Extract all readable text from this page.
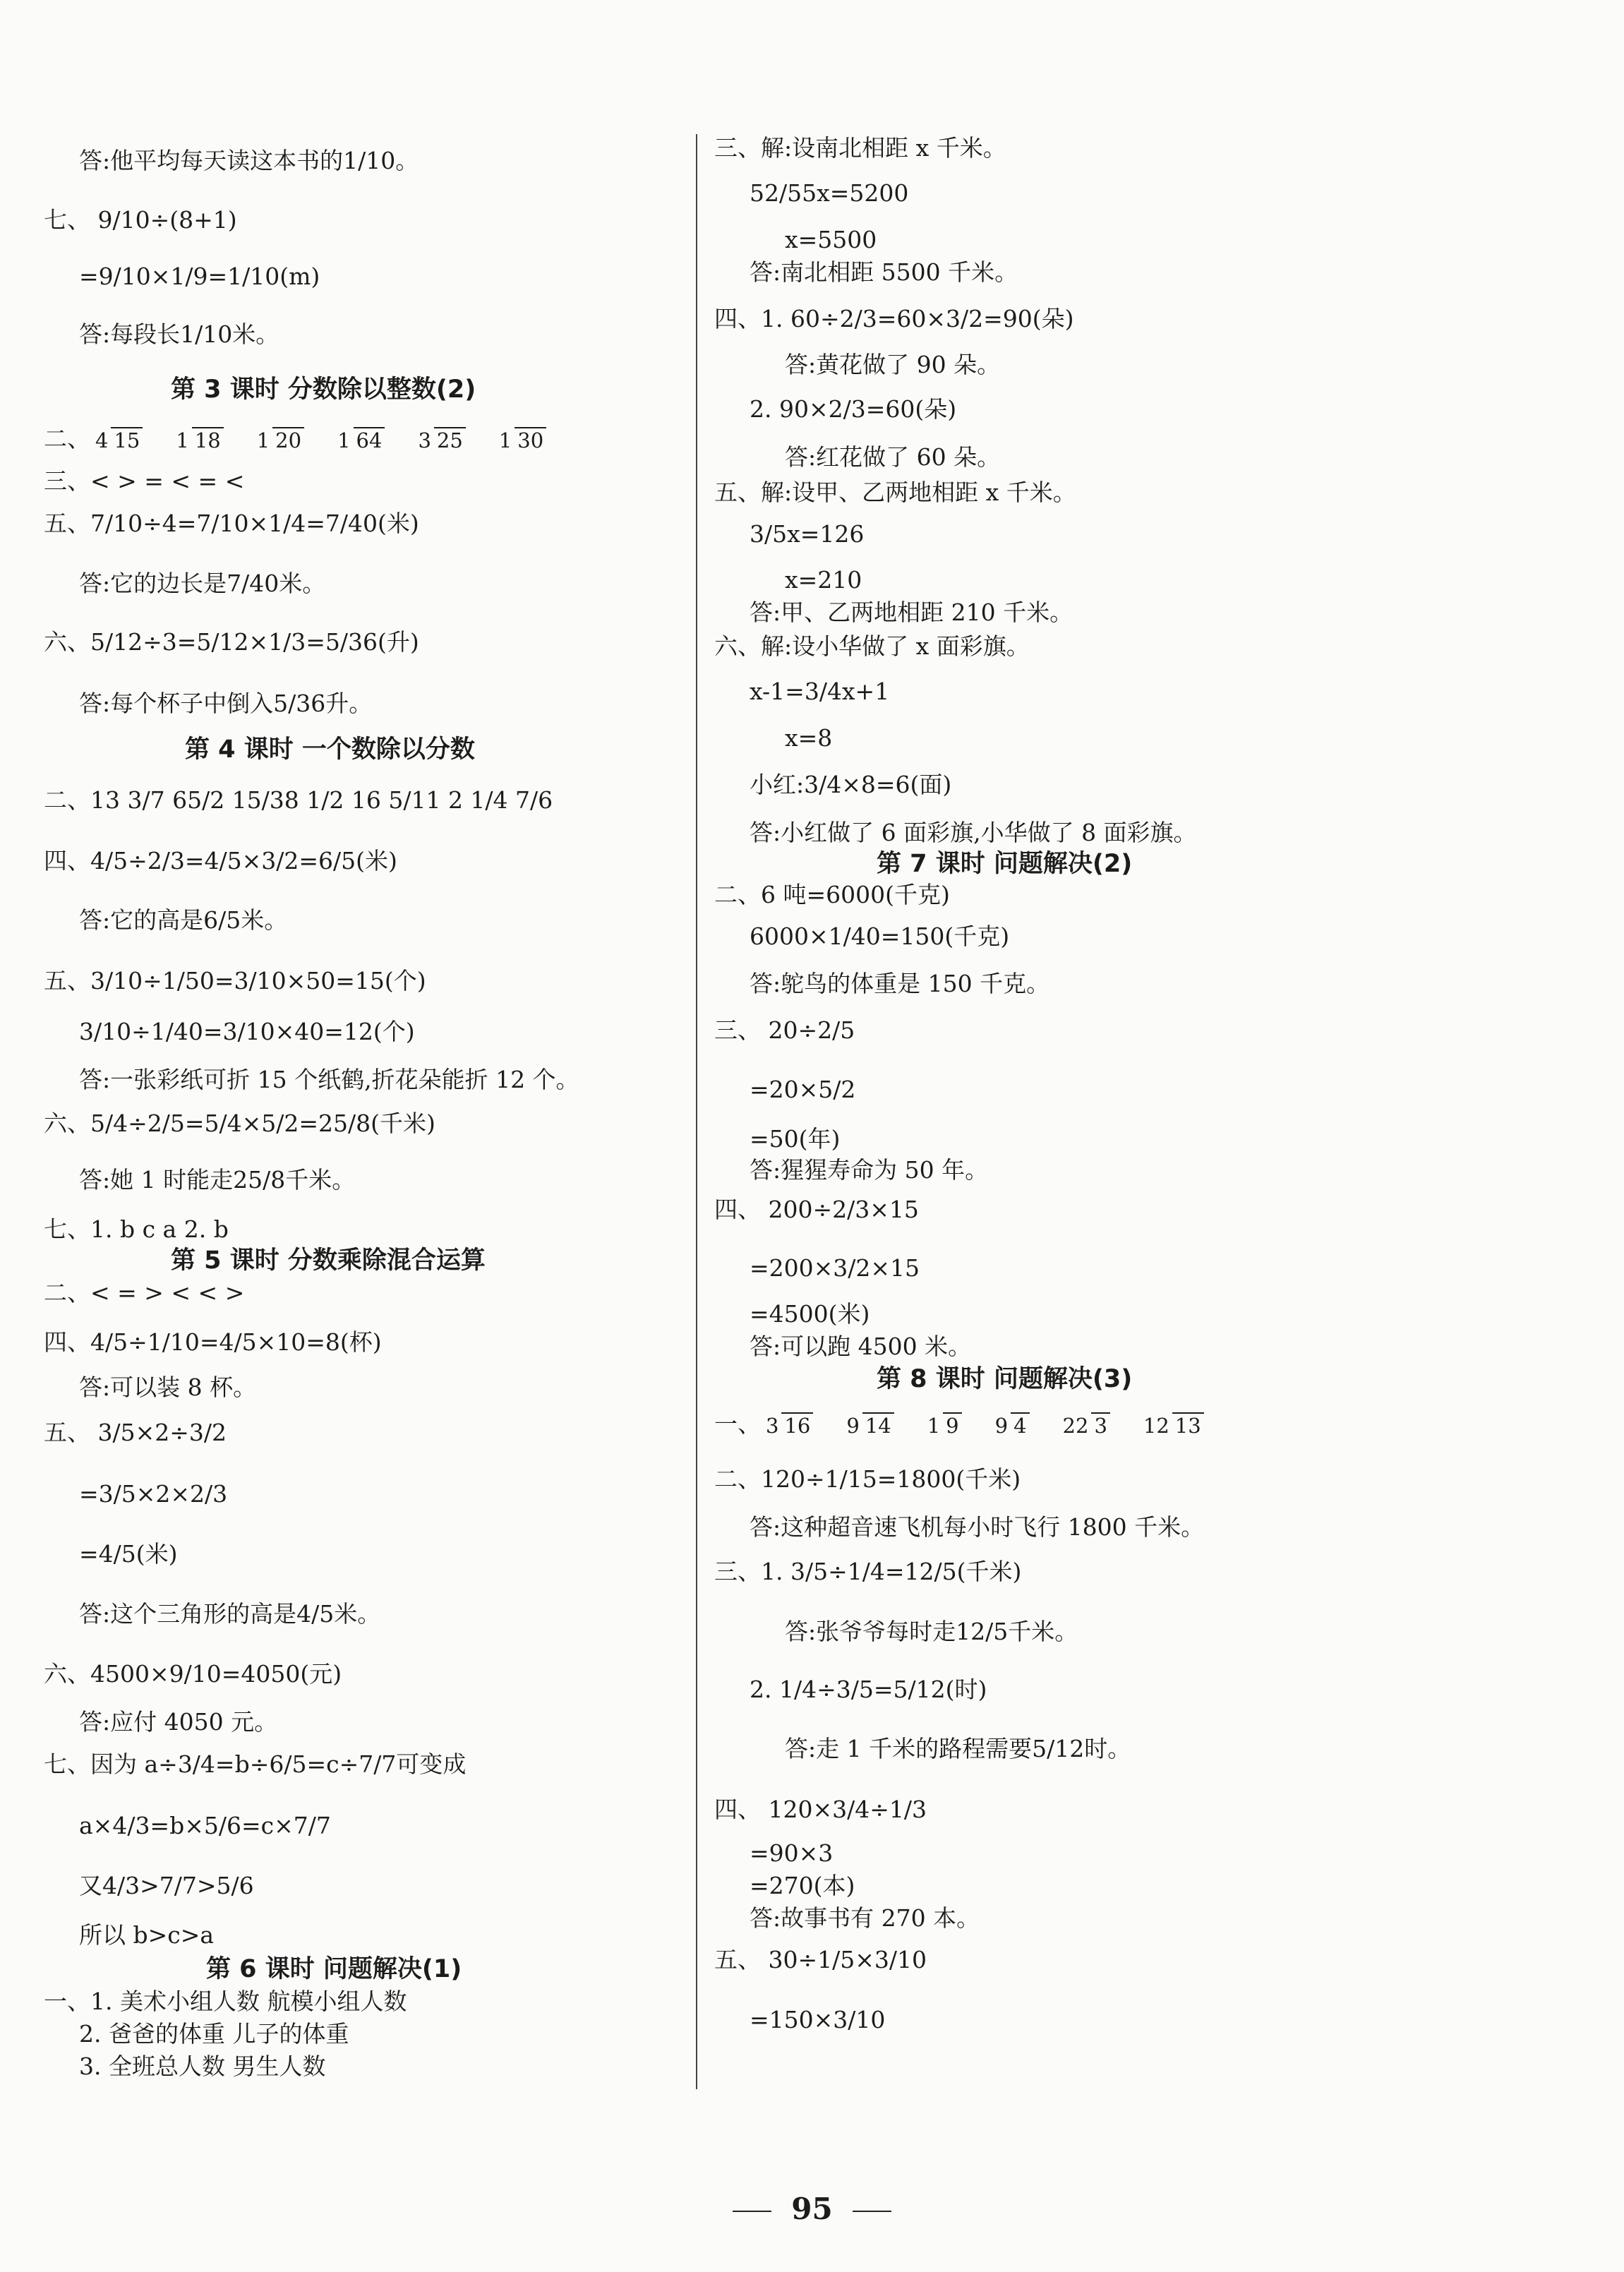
答:他平均每天读这本书的1/10。
七、 9/10÷(8+1)
=9/10×1/9=1/10(m)
答:每段长1/10米。
第 3 课时 分数除以整数(2)
二、 4 15 1 18 1 20 1 64 3 25 1 30
三、< > = < = <
五、7/10÷4=7/10×1/4=7/40(米)
答:它的边长是7/40米。
六、5/12÷3=5/12×1/3=5/36(升)
答:每个杯子中倒入5/36升。
第 4 课时 一个数除以分数
二、13 3/7 65/2 15/38 1/2 16 5/11 2 1/4 7/6
四、4/5÷2/3=4/5×3/2=6/5(米)
答:它的高是6/5米。
五、3/10÷1/50=3/10×50=15(个)
3/10÷1/40=3/10×40=12(个)
答:一张彩纸可折 15 个纸鹤,折花朵能折 12 个。
六、5/4÷2/5=5/4×5/2=25/8(千米)
答:她 1 时能走25/8千米。
七、1. b c a 2. b
第 5 课时 分数乘除混合运算
二、< = > < < >
四、4/5÷1/10=4/5×10=8(杯)
答:可以装 8 杯。
五、 3/5×2÷3/2
=3/5×2×2/3
=4/5(米)
答:这个三角形的高是4/5米。
六、4500×9/10=4050(元)
答:应付 4050 元。
七、因为 a÷3/4=b÷6/5=c÷7/7可变成
a×4/3=b×5/6=c×7/7
又4/3>7/7>5/6
所以 b>c>a
第 6 课时 问题解决(1)
一、1. 美术小组人数 航模小组人数
2. 爸爸的体重 儿子的体重
3. 全班总人数 男生人数
三、解:设南北相距 x 千米。
52/55x=5200
x=5500
答:南北相距 5500 千米。
四、1. 60÷2/3=60×3/2=90(朵)
答:黄花做了 90 朵。
2. 90×2/3=60(朵)
答:红花做了 60 朵。
五、解:设甲、乙两地相距 x 千米。
3/5x=126
x=210
答:甲、乙两地相距 210 千米。
六、解:设小华做了 x 面彩旗。
x-1=3/4x+1
x=8
小红:3/4×8=6(面)
答:小红做了 6 面彩旗,小华做了 8 面彩旗。
第 7 课时 问题解决(2)
二、6 吨=6000(千克)
6000×1/40=150(千克)
答:鸵鸟的体重是 150 千克。
三、 20÷2/5
=20×5/2
=50(年)
答:猩猩寿命为 50 年。
四、 200÷2/3×15
=200×3/2×15
=4500(米)
答:可以跑 4500 米。
第 8 课时 问题解决(3)
一、 3 16 9 14 1 9 9 4 22 3 12 13
二、120÷1/15=1800(千米)
答:这种超音速飞机每小时飞行 1800 千米。
三、1. 3/5÷1/4=12/5(千米)
答:张爷爷每时走12/5千米。
2. 1/4÷3/5=5/12(时)
答:走 1 千米的路程需要5/12时。
四、 120×3/4÷1/3
=90×3
=270(本)
答:故事书有 270 本。
五、 30÷1/5×3/10
=150×3/10
95
